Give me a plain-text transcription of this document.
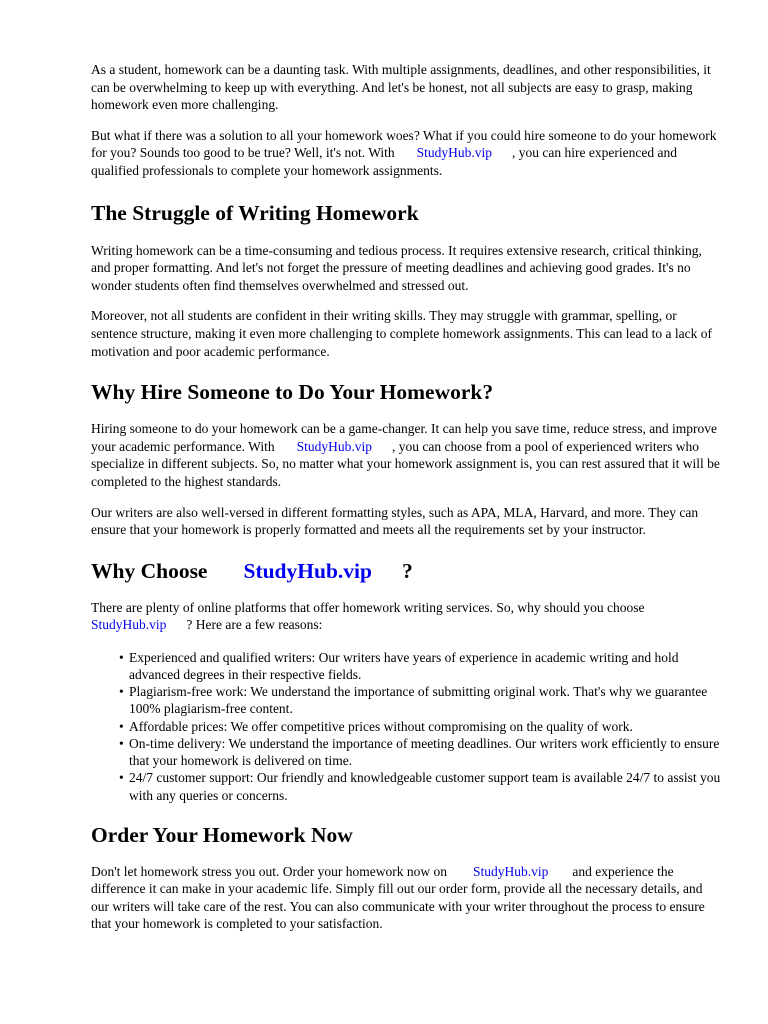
As a student, homework can be a daunting task. With multiple assignments, deadlines, and other responsibilities, it can be overwhelming to keep up with everything. And let's be honest, not all subjects are easy to grasp, making homework even more challenging.

But what if there was a solution to all your homework woes? What if you could hire someone to do your homework for you? Sounds too good to be true? Well, it's not. With StudyHub.vip , you can hire experienced and qualified professionals to complete your homework assignments.

The Struggle of Writing Homework

Writing homework can be a time-consuming and tedious process. It requires extensive research, critical thinking, and proper formatting. And let's not forget the pressure of meeting deadlines and achieving good grades. It's no wonder students often find themselves overwhelmed and stressed out.

Moreover, not all students are confident in their writing skills. They may struggle with grammar, spelling, or sentence structure, making it even more challenging to complete homework assignments. This can lead to a lack of motivation and poor academic performance.

Why Hire Someone to Do Your Homework?

Hiring someone to do your homework can be a game-changer. It can help you save time, reduce stress, and improve your academic performance. With StudyHub.vip , you can choose from a pool of experienced writers who specialize in different subjects. So, no matter what your homework assignment is, you can rest assured that it will be completed to the highest standards.

Our writers are also well-versed in different formatting styles, such as APA, MLA, Harvard, and more. They can ensure that your homework is properly formatted and meets all the requirements set by your instructor.

Why Choose StudyHub.vip ?

There are plenty of online platforms that offer homework writing services. So, why should you chooseStudyHub.vip ? Here are a few reasons:

• Experienced and qualified writers: Our writers have years of experience in academic writing and hold advanced degrees in their respective fields.
• Plagiarism-free work: We understand the importance of submitting original work. That's why we guarantee 100% plagiarism-free content.
• Affordable prices: We offer competitive prices without compromising on the quality of work.
• On-time delivery: We understand the importance of meeting deadlines. Our writers work efficiently to ensure that your homework is delivered on time.
• 24/7 customer support: Our friendly and knowledgeable customer support team is available 24/7 to assist you with any queries or concerns.
Order Your Homework Now

Don't let homework stress you out. Order your homework now on StudyHub.vip and experience the difference it can make in your academic life. Simply fill out our order form, provide all the necessary details, and our writers will take care of the rest. You can also communicate with your writer throughout the process to ensure that your homework is completed to your satisfaction.
